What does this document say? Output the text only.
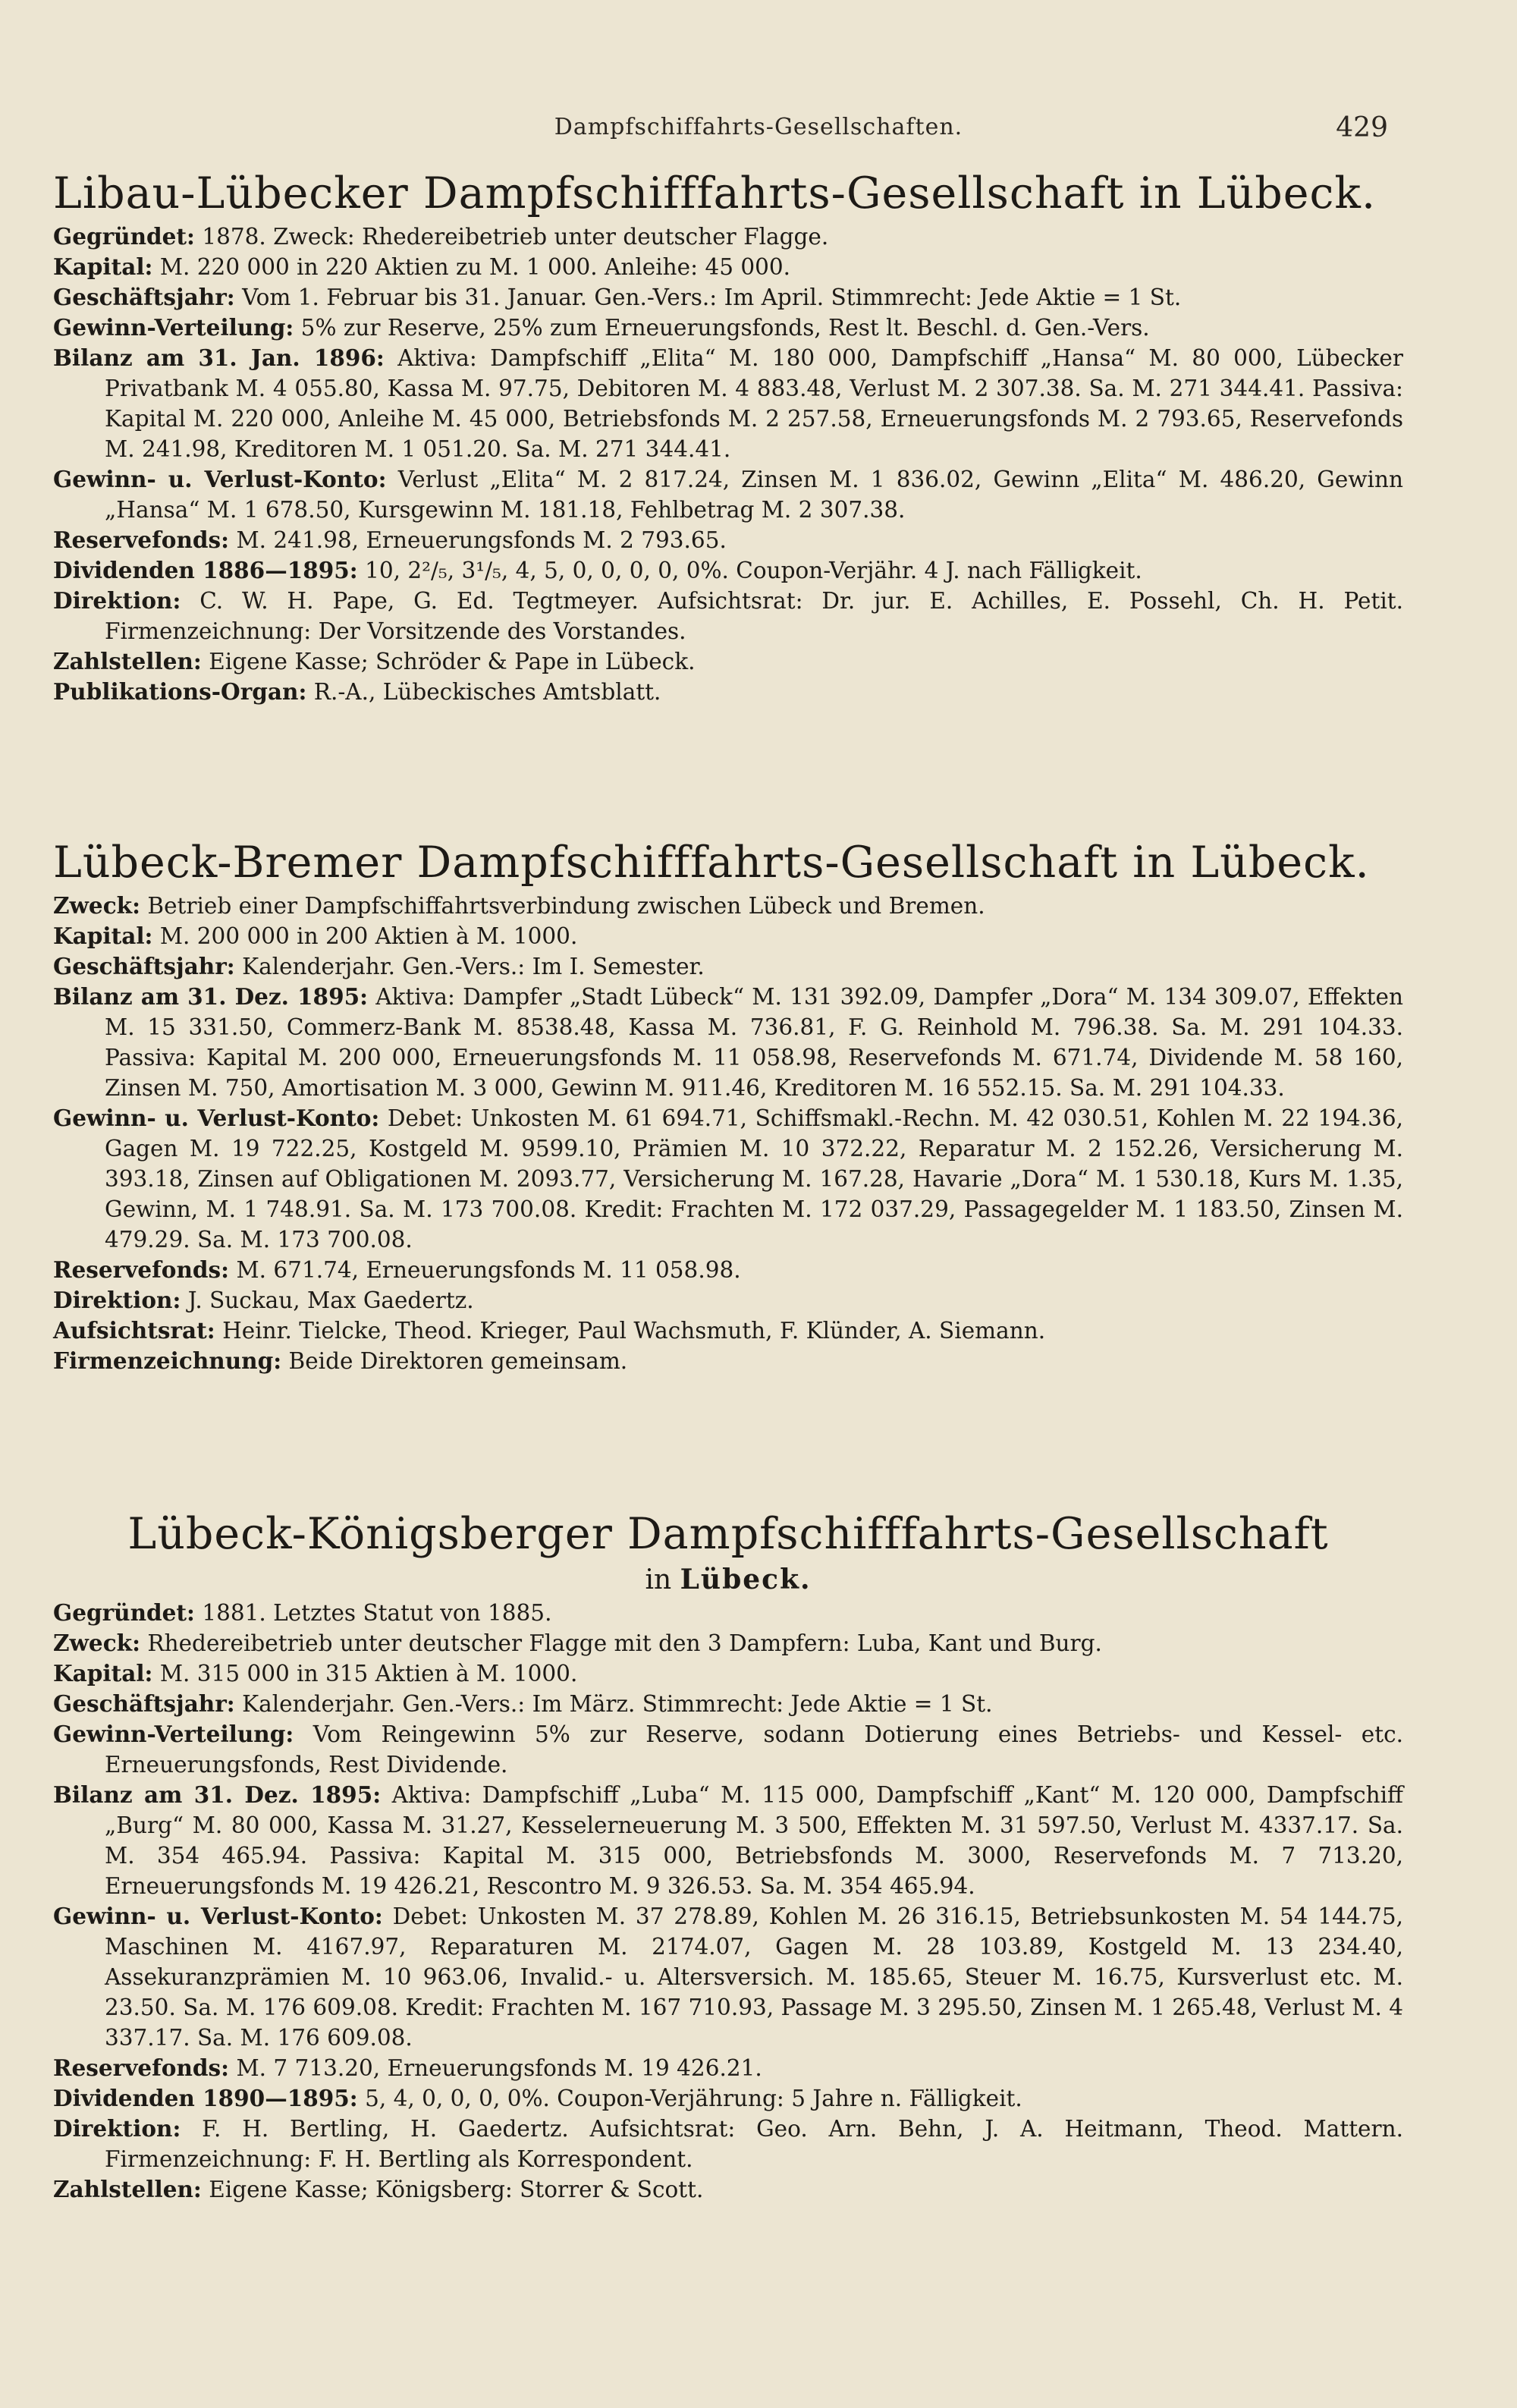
Dampfschiffahrts-Gesellschaften.	429
Libau-Lübecker Dampfschifffahrts-Gesellschaft in Lübeck.

Gegründet: 1878. Zweck: Rhedereibetrieb unter deutscher Flagge.

Kapital: M. 220 000 in 220 Aktien zu M. 1 000. Anleihe: 45 000.

Geschäftsjahr: Vom 1. Februar bis 31. Januar. Gen.-Vers.: Im April. Stimmrecht: Jede Aktie = 1 St.

Gewinn-Verteilung: 5% zur Reserve, 25% zum Erneuerungsfonds, Rest lt. Beschl. d. Gen.-Vers.

Bilanz am 31. Jan. 1896: Aktiva: Dampfschiff „Elita“ M. 180 000, Dampfschiff „Hansa“ M. 80 000, Lübecker Privatbank M. 4 055.80, Kassa M. 97.75, Debitoren M. 4 883.48, Verlust M. 2 307.38. Sa. M. 271 344.41. Passiva: Kapital M. 220 000, Anleihe M. 45 000, Betriebsfonds M. 2 257.58, Erneuerungsfonds M. 2 793.65, Reservefonds M. 241.98, Kreditoren M. 1 051.20. Sa. M. 271 344.41.

Gewinn- u. Verlust-Konto: Verlust „Elita“ M. 2 817.24, Zinsen M. 1 836.02, Gewinn „Elita“ M. 486.20, Gewinn „Hansa“ M. 1 678.50, Kursgewinn M. 181.18, Fehlbetrag M. 2 307.38.

Reservefonds: M. 241.98, Erneuerungsfonds M. 2 793.65.

Dividenden 1886—1895: 10, 2²/₅, 3¹/₅, 4, 5, 0, 0, 0, 0, 0%. Coupon-Verjähr. 4 J. nach Fälligkeit.

Direktion: C. W. H. Pape, G. Ed. Tegtmeyer. Aufsichtsrat: Dr. jur. E. Achilles, E. Possehl, Ch. H. Petit. Firmenzeichnung: Der Vorsitzende des Vorstandes.

Zahlstellen: Eigene Kasse; Schröder & Pape in Lübeck.

Publikations-Organ: R.-A., Lübeckisches Amtsblatt.

Lübeck-Bremer Dampfschifffahrts-Gesellschaft in Lübeck.

Zweck: Betrieb einer Dampfschiffahrtsverbindung zwischen Lübeck und Bremen.

Kapital: M. 200 000 in 200 Aktien à M. 1000.

Geschäftsjahr: Kalenderjahr. Gen.-Vers.: Im I. Semester.

Bilanz am 31. Dez. 1895: Aktiva: Dampfer „Stadt Lübeck“ M. 131 392.09, Dampfer „Dora“ M. 134 309.07, Effekten M. 15 331.50, Commerz-Bank M. 8538.48, Kassa M. 736.81, F. G. Reinhold M. 796.38. Sa. M. 291 104.33. Passiva: Kapital M. 200 000, Erneuerungsfonds M. 11 058.98, Reservefonds M. 671.74, Dividende M. 58 160, Zinsen M. 750, Amortisation M. 3 000, Gewinn M. 911.46, Kreditoren M. 16 552.15. Sa. M. 291 104.33.

Gewinn- u. Verlust-Konto: Debet: Unkosten M. 61 694.71, Schiffsmakl.-Rechn. M. 42 030.51, Kohlen M. 22 194.36, Gagen M. 19 722.25, Kostgeld M. 9599.10, Prämien M. 10 372.22, Reparatur M. 2 152.26, Versicherung M. 393.18, Zinsen auf Obligationen M. 2093.77, Versicherung M. 167.28, Havarie „Dora“ M. 1 530.18, Kurs M. 1.35, Gewinn, M. 1 748.91. Sa. M. 173 700.08. Kredit: Frachten M. 172 037.29, Passagegelder M. 1 183.50, Zinsen M. 479.29. Sa. M. 173 700.08.

Reservefonds: M. 671.74, Erneuerungsfonds M. 11 058.98.

Direktion: J. Suckau, Max Gaedertz.

Aufsichtsrat: Heinr. Tielcke, Theod. Krieger, Paul Wachsmuth, F. Klünder, A. Siemann.

Firmenzeichnung: Beide Direktoren gemeinsam.

Lübeck-Königsberger Dampfschifffahrts-Gesellschaft
in Lübeck.

Gegründet: 1881. Letztes Statut von 1885.

Zweck: Rhedereibetrieb unter deutscher Flagge mit den 3 Dampfern: Luba, Kant und Burg.

Kapital: M. 315 000 in 315 Aktien à M. 1000.

Geschäftsjahr: Kalenderjahr. Gen.-Vers.: Im März. Stimmrecht: Jede Aktie = 1 St.

Gewinn-Verteilung: Vom Reingewinn 5% zur Reserve, sodann Dotierung eines Betriebs- und Kessel- etc. Erneuerungsfonds, Rest Dividende.

Bilanz am 31. Dez. 1895: Aktiva: Dampfschiff „Luba“ M. 115 000, Dampfschiff „Kant“ M. 120 000, Dampfschiff „Burg“ M. 80 000, Kassa M. 31.27, Kesselerneuerung M. 3 500, Effekten M. 31 597.50, Verlust M. 4337.17. Sa. M. 354 465.94. Passiva: Kapital M. 315 000, Betriebsfonds M. 3000, Reservefonds M. 7 713.20, Erneuerungsfonds M. 19 426.21, Rescontro M. 9 326.53. Sa. M. 354 465.94.

Gewinn- u. Verlust-Konto: Debet: Unkosten M. 37 278.89, Kohlen M. 26 316.15, Betriebsunkosten M. 54 144.75, Maschinen M. 4167.97, Reparaturen M. 2174.07, Gagen M. 28 103.89, Kostgeld M. 13 234.40, Assekuranzprämien M. 10 963.06, Invalid.- u. Altersversich. M. 185.65, Steuer M. 16.75, Kursverlust etc. M. 23.50. Sa. M. 176 609.08. Kredit: Frachten M. 167 710.93, Passage M. 3 295.50, Zinsen M. 1 265.48, Verlust M. 4 337.17. Sa. M. 176 609.08.

Reservefonds: M. 7 713.20, Erneuerungsfonds M. 19 426.21.

Dividenden 1890—1895: 5, 4, 0, 0, 0, 0%. Coupon-Verjährung: 5 Jahre n. Fälligkeit.

Direktion: F. H. Bertling, H. Gaedertz. Aufsichtsrat: Geo. Arn. Behn, J. A. Heitmann, Theod. Mattern. Firmenzeichnung: F. H. Bertling als Korrespondent.

Zahlstellen: Eigene Kasse; Königsberg: Storrer & Scott.
